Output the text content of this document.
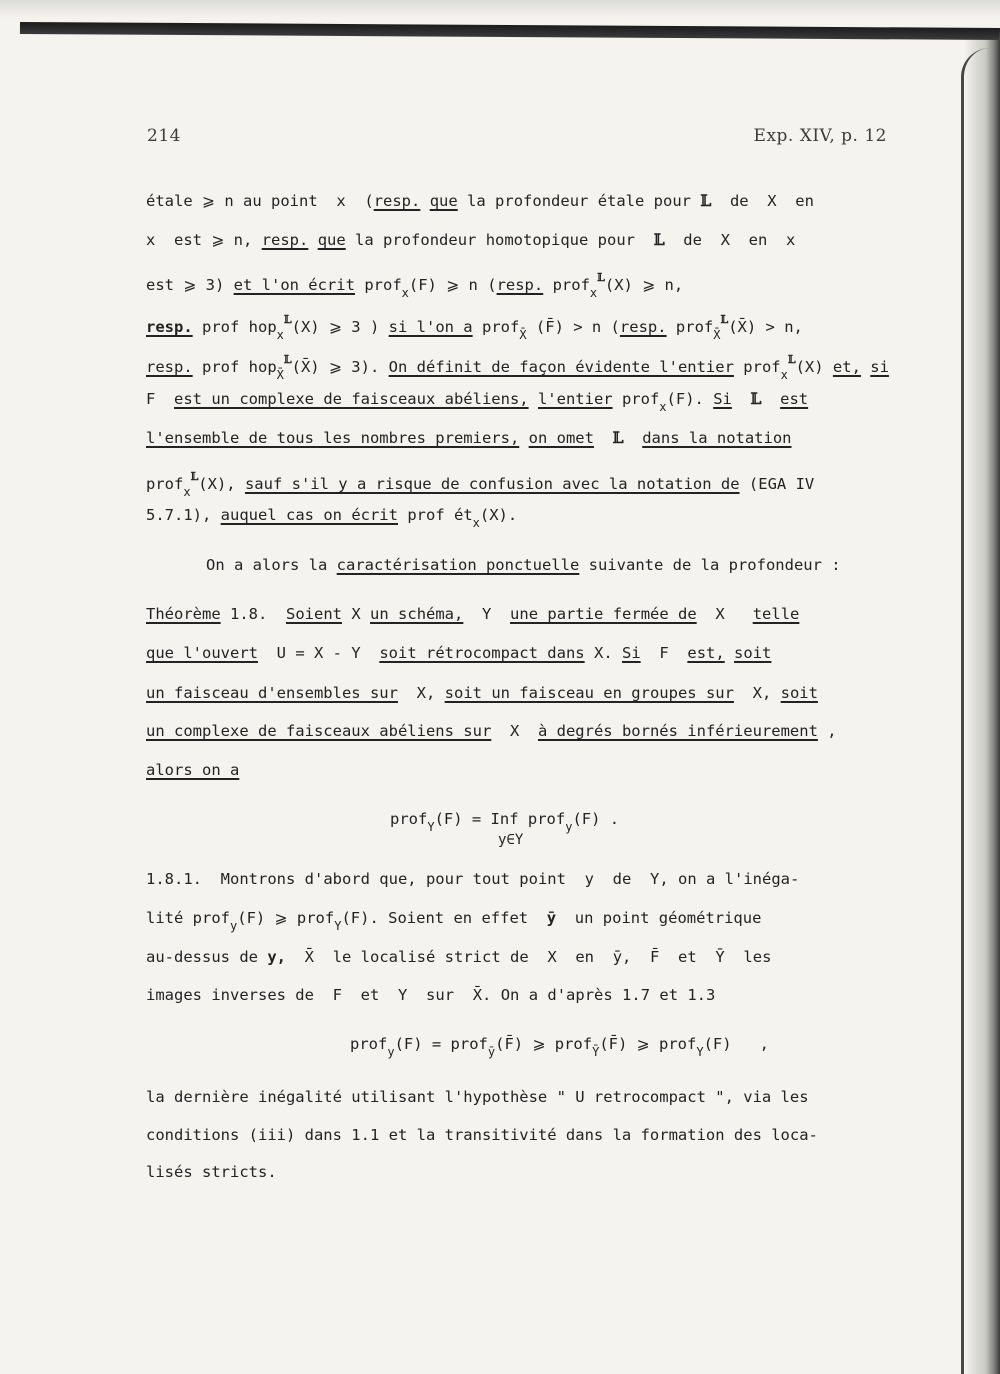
214	Exp. XIV, p. 12
étale ⩾ n au point x  (resp. que la profondeur étale pour 𝕃 de X en
x est ⩾ n, resp. que la profondeur homotopique pour 𝕃 de X en x
est ⩾ 3) et l'on écrit prof$_x$(F) ⩾ n (resp. prof$_x^𝕃$(X) ⩾ n,
resp. prof hop$_x^𝕃$(X) ⩾ 3 ) si l'on a prof$_{X̄}$ (F̄) > n (resp. prof$_{X̄}^𝕃$(X̄) > n,
resp. prof hop$_{X̄}^𝕃$(X̄) ⩾ 3). On définit de façon évidente l'entier prof$_x^𝕃$(X) et, si
F est un complexe de faisceaux abéliens, l'entier prof$_x$(F). Si 𝕃 est
l'ensemble de tous les nombres premiers, on omet 𝕃 dans la notation
prof$_x^𝕃$(X), sauf s'il y a risque de confusion avec la notation de (EGA IV
5.7.1), auquel cas on écrit prof $ét_x(X)$.
On a alors la caractérisation ponctuelle suivante de la profondeur :
Théorème 1.8. Soient X un schéma, Y une partie fermée de X telle
que l'ouvert U = X - Y soit rétrocompact dans X. Si F est, soit
un faisceau d'ensembles sur X, soit un faisceau en groupes sur X, soit
un complexe de faisceaux abéliens sur X à degrés bornés inférieurement ,
alors on a
prof$_Y$(F) = Inf prof$_y$(F) .
y∈Y
1.8.1. Montrons d'abord que, pour tout point y de Y, on a l'inéga-
lité prof$_y$(F) ⩾ prof$_Y$(F). Soient en effet ȳ un point géométrique
au-dessus de y, X̄ le localisé strict de X en ȳ, F̄ et Ȳ les
images inverses de F et Y sur X̄. On a d'après 1.7 et 1.3
prof$_y$(F) = prof$_ȳ$(F̄) ⩾ prof$_Ȳ$(F̄) ⩾ prof$_Y$(F) ,
la dernière inégalité utilisant l'hypothèse " U retrocompact ", via les
conditions (iii) dans 1.1 et la transitivité dans la formation des loca-
lisés stricts.
